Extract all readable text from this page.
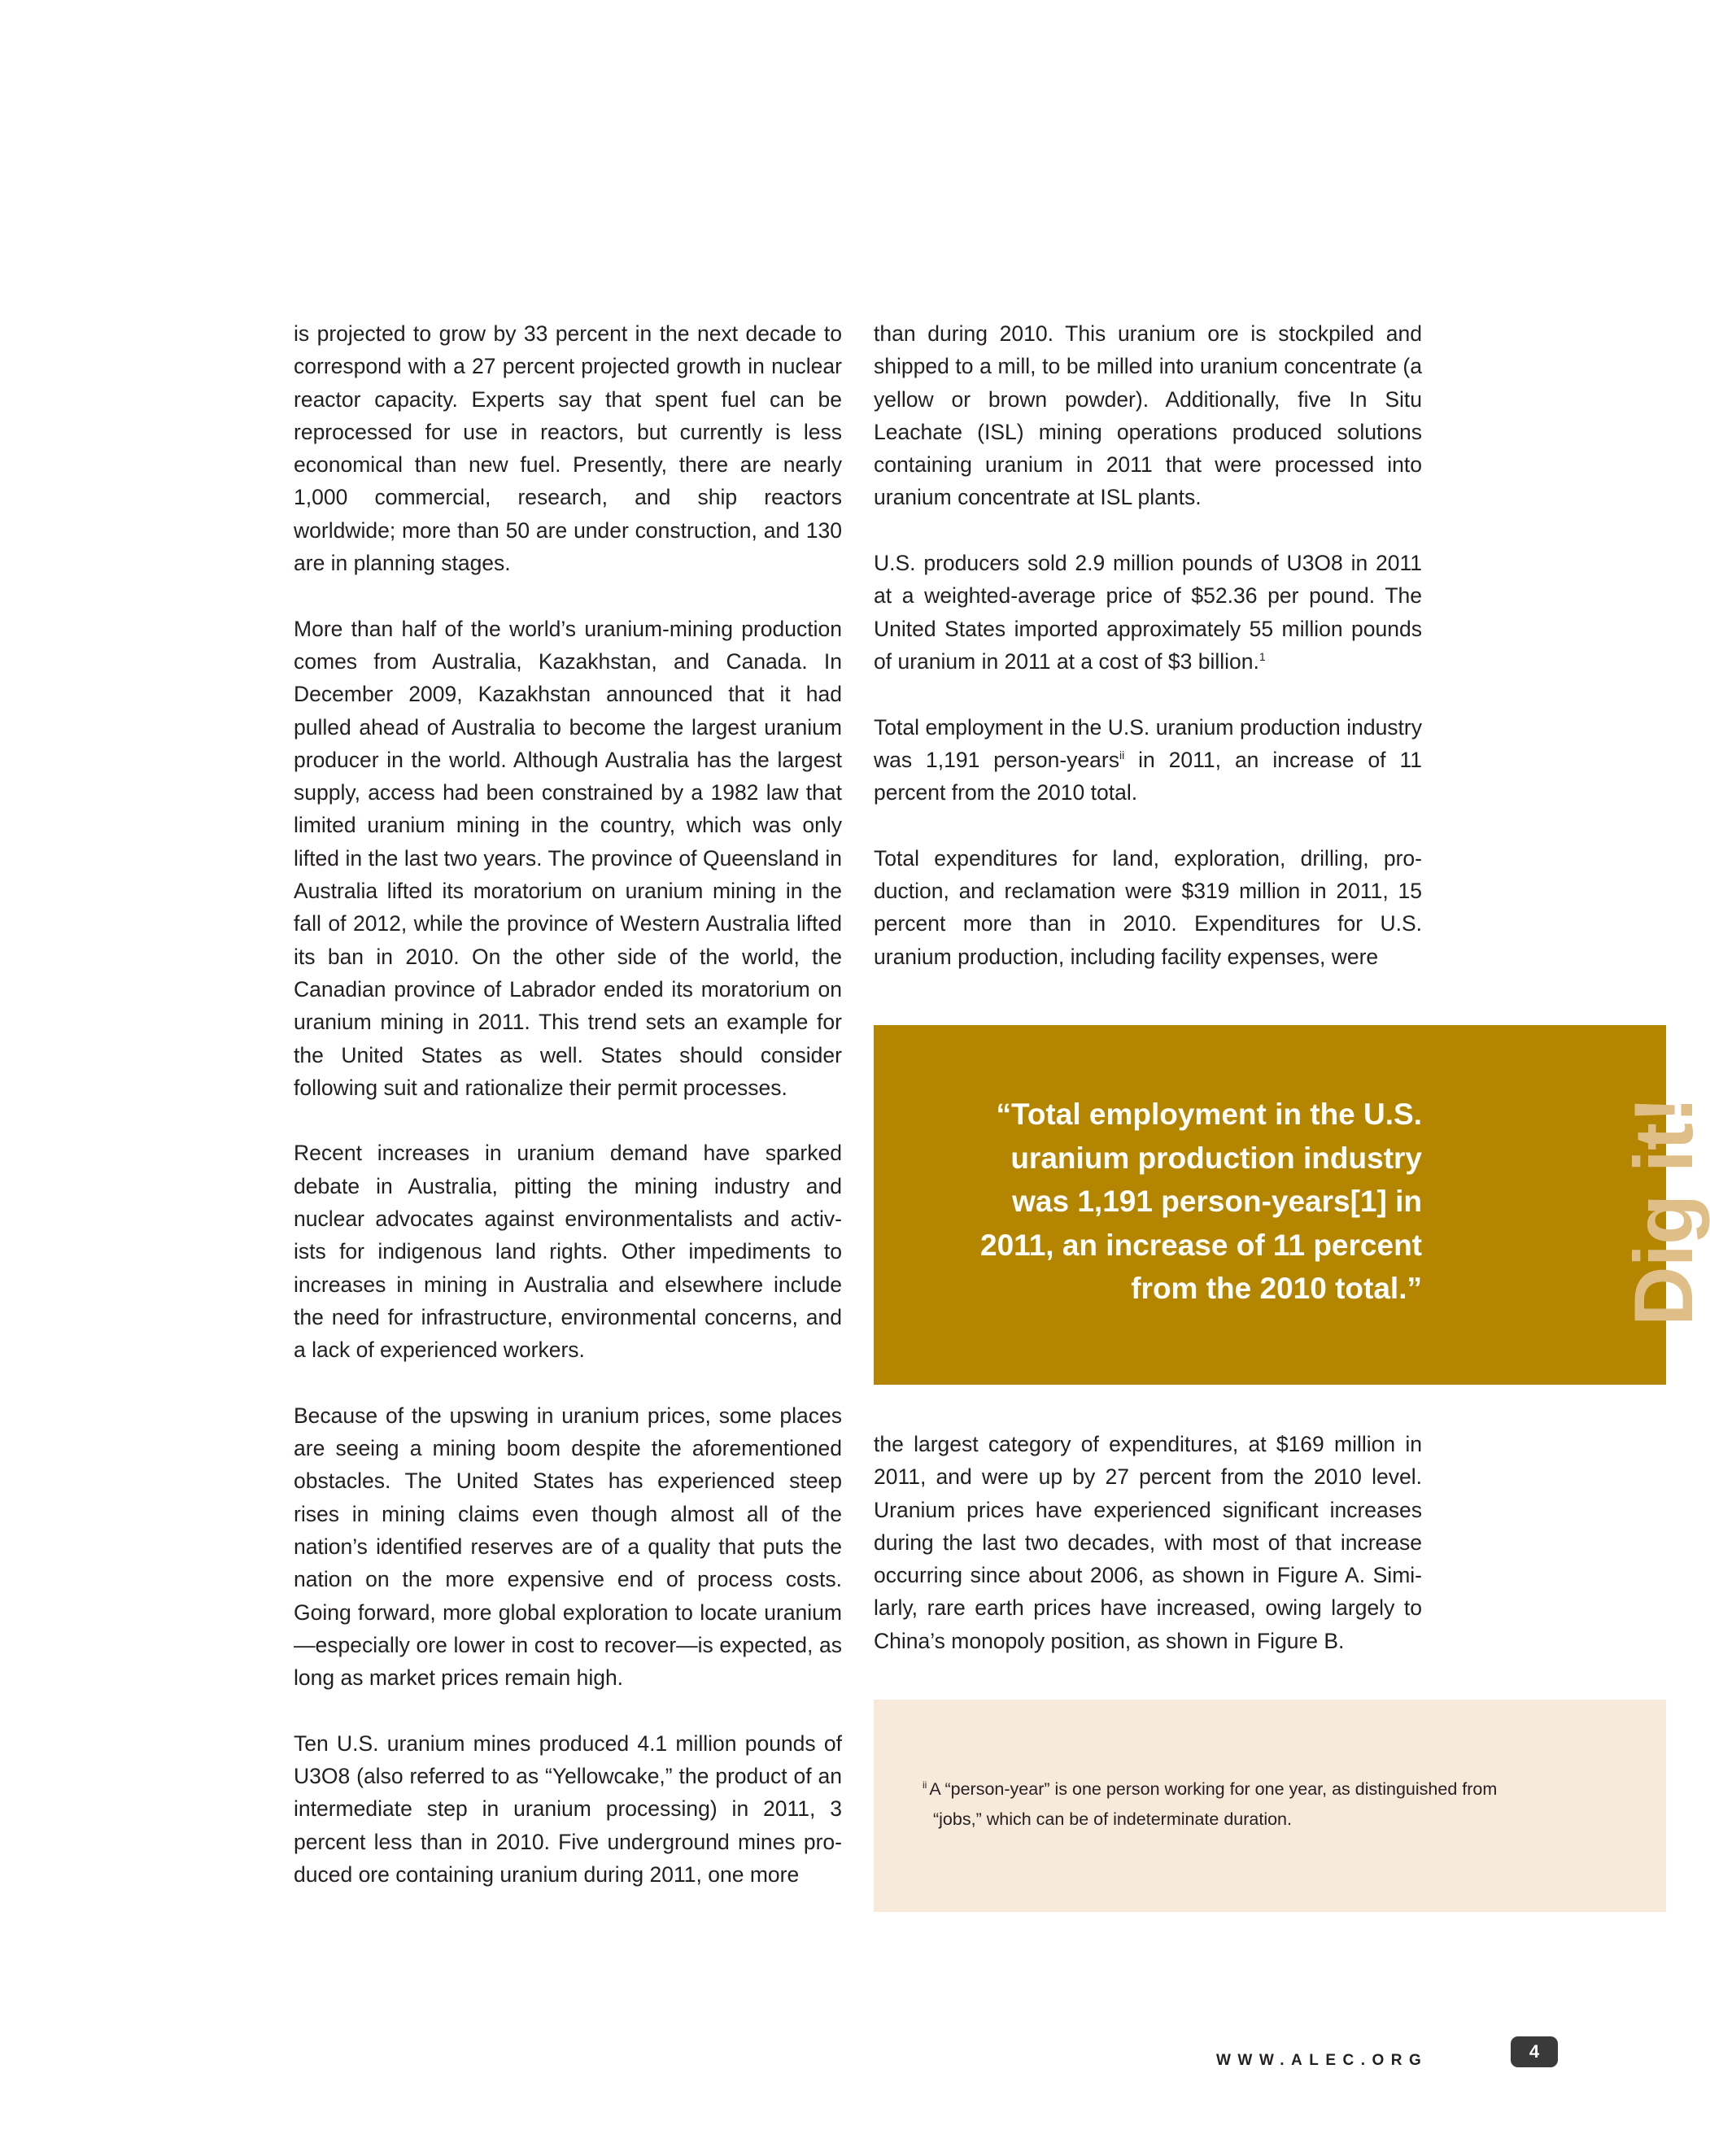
is projected to grow by 33 percent in the next decade to correspond with a 27 percent projected growth in nuclear reactor capacity. Experts say that spent fuel can be reprocessed for use in reactors, but currently is less economical than new fuel. Presently, there are nearly 1,000 commercial, research, and ship reactors worldwide; more than 50 are under construction, and 130 are in planning stages.

More than half of the world’s uranium-mining production comes from Australia, Kazakhstan, and Canada. In December 2009, Kazakhstan announced that it had pulled ahead of Australia to become the largest uranium producer in the world. Although Australia has the largest supply, access had been constrained by a 1982 law that limited uranium mining in the country, which was only lifted in the last two years. The province of Queensland in Australia lifted its moratorium on uranium mining in the fall of 2012, while the province of Western Australia lifted its ban in 2010. On the other side of the world, the Canadian province of Labrador ended its moratorium on uranium mining in 2011. This trend sets an example for the United States as well. States should consider following suit and rationalize their permit processes.

Recent increases in uranium demand have sparked debate in Australia, pitting the mining industry and nuclear advocates against environmentalists and activists for indigenous land rights. Other impediments to increases in mining in Australia and elsewhere include the need for infrastructure, environmental concerns, and a lack of experienced workers.

Because of the upswing in uranium prices, some places are seeing a mining boom despite the aforementioned obstacles. The United States has experienced steep rises in mining claims even though almost all of the nation’s identified reserves are of a quality that puts the nation on the more expensive end of process costs. Going forward, more global exploration to locate uranium—especially ore lower in cost to recover—is expected, as long as market prices remain high.

Ten U.S. uranium mines produced 4.1 million pounds of U3O8 (also referred to as “Yellowcake,” the product of an intermediate step in uranium processing) in 2011, 3 percent less than in 2010. Five underground mines produced ore containing uranium during 2011, one more

than during 2010. This uranium ore is stockpiled and shipped to a mill, to be milled into uranium concentrate (a yellow or brown powder). Additionally, five In Situ Leachate (ISL) mining operations produced solutions containing uranium in 2011 that were processed into uranium concentrate at ISL plants.

U.S. producers sold 2.9 million pounds of U3O8 in 2011 at a weighted-average price of $52.36 per pound. The United States imported approximately 55 million pounds of uranium in 2011 at a cost of $3 billion.$^1$

Total employment in the U.S. uranium production industry was 1,191 person-years$^{ii}$ in 2011, an increase of 11 percent from the 2010 total.

Total expenditures for land, exploration, drilling, production, and reclamation were $319 million in 2011, 15 percent more than in 2010. Expenditures for U.S. uranium production, including facility expenses, were

“Total employment in the U.S. uranium production industry was 1,191 person-years[1] in 2011, an increase of 11 percent from the 2010 total.” Dig it!

the largest category of expenditures, at $169 million in 2011, and were up by 27 percent from the 2010 level. Uranium prices have experienced significant increases during the last two decades, with most of that increase occurring since about 2006, as shown in Figure A. Similarly, rare earth prices have increased, owing largely to China’s monopoly position, as shown in Figure B.

$^{ii}$ A “person-year” is one person working for one year, as distinguished from
“jobs,” which can be of indeterminate duration.
WWW.ALEC.ORG	4
